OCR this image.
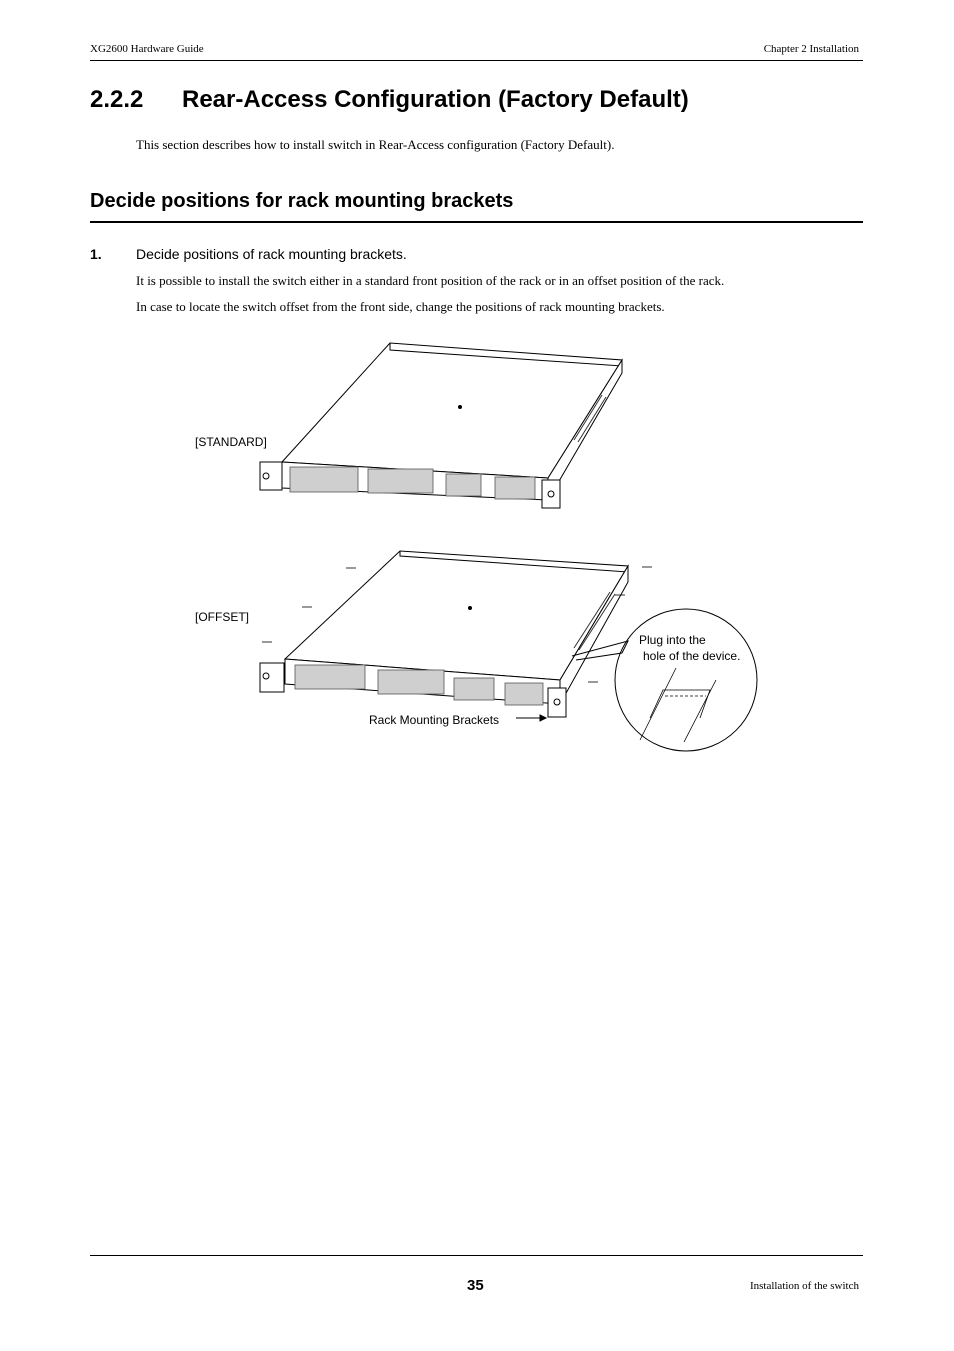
XG2600 Hardware Guide	Chapter 2 Installation
2.2.2 Rear-Access Configuration (Factory Default)
This section describes how to install switch in Rear-Access configuration (Factory Default).
Decide positions for rack mounting brackets
1. Decide positions of rack mounting brackets.
It is possible to install the switch either in a standard front position of the rack or in an offset position of the rack.
In case to locate the switch offset from the front side, change the positions of rack mounting brackets.
[STANDARD]
[OFFSET]
Plug into the
hole of the device.
Rack Mounting Brackets
35	Installation of the switch
